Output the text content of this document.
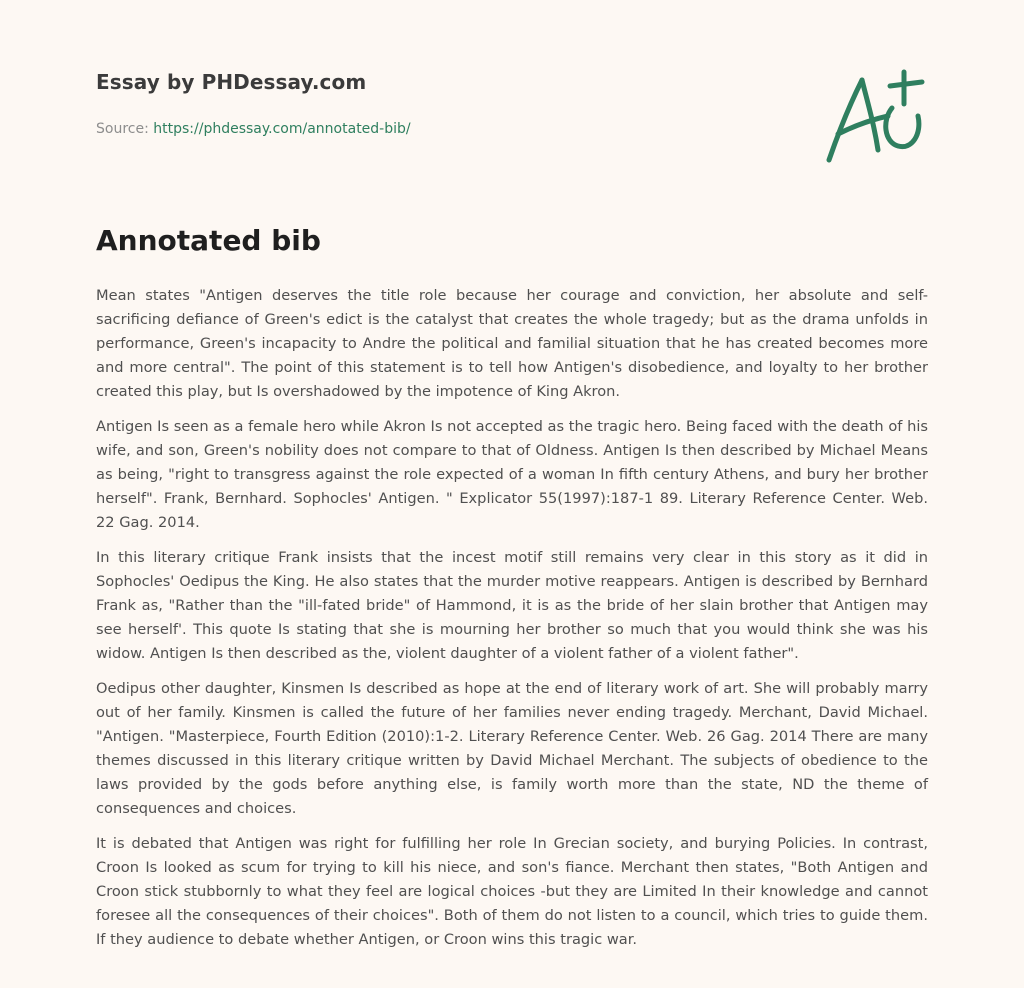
Essay by PHDessay.com
Source: https://phdessay.com/annotated-bib/
Annotated bib

Mean states "Antigen deserves the title role because her courage and conviction, her absolute and self-sacrificing defiance of Green's edict is the catalyst that creates the whole tragedy; but as the drama unfolds in performance, Green's incapacity to Andre the political and familial situation that he has created becomes more and more central". The point of this statement is to tell how Antigen's disobedience, and loyalty to her brother created this play, but Is overshadowed by the impotence of King Akron.

Antigen Is seen as a female hero while Akron Is not accepted as the tragic hero. Being faced with the death of his wife, and son, Green's nobility does not compare to that of Oldness. Antigen Is then described by Michael Means as being, "right to transgress against the role expected of a woman In fifth century Athens, and bury her brother herself". Frank, Bernhard. Sophocles' Antigen. " Explicator 55(1997):187-1 89. Literary Reference Center. Web. 22 Gag. 2014.

In this literary critique Frank insists that the incest motif still remains very clear in this story as it did in Sophocles' Oedipus the King. He also states that the murder motive reappears. Antigen is described by Bernhard Frank as, "Rather than the "ill-fated bride" of Hammond, it is as the bride of her slain brother that Antigen may see herself'. This quote Is stating that she is mourning her brother so much that you would think she was his widow. Antigen Is then described as the, violent daughter of a violent father of a violent father".

Oedipus other daughter, Kinsmen Is described as hope at the end of literary work of art. She will probably marry out of her family. Kinsmen is called the future of her families never ending tragedy. Merchant, David Michael. "Antigen. "Masterpiece, Fourth Edition (2010):1-2. Literary Reference Center. Web. 26 Gag. 2014 There are many themes discussed in this literary critique written by David Michael Merchant. The subjects of obedience to the laws provided by the gods before anything else, is family worth more than the state, ND the theme of consequences and choices.

It is debated that Antigen was right for fulfilling her role In Grecian society, and burying Policies. In contrast, Croon Is looked as scum for trying to kill his niece, and son's fiance. Merchant then states, "Both Antigen and Croon stick stubbornly to what they feel are logical choices -but they are Limited In their knowledge and cannot foresee all the consequences of their choices". Both of them do not listen to a council, which tries to guide them. If they audience to debate whether Antigen, or Croon wins this tragic war.
